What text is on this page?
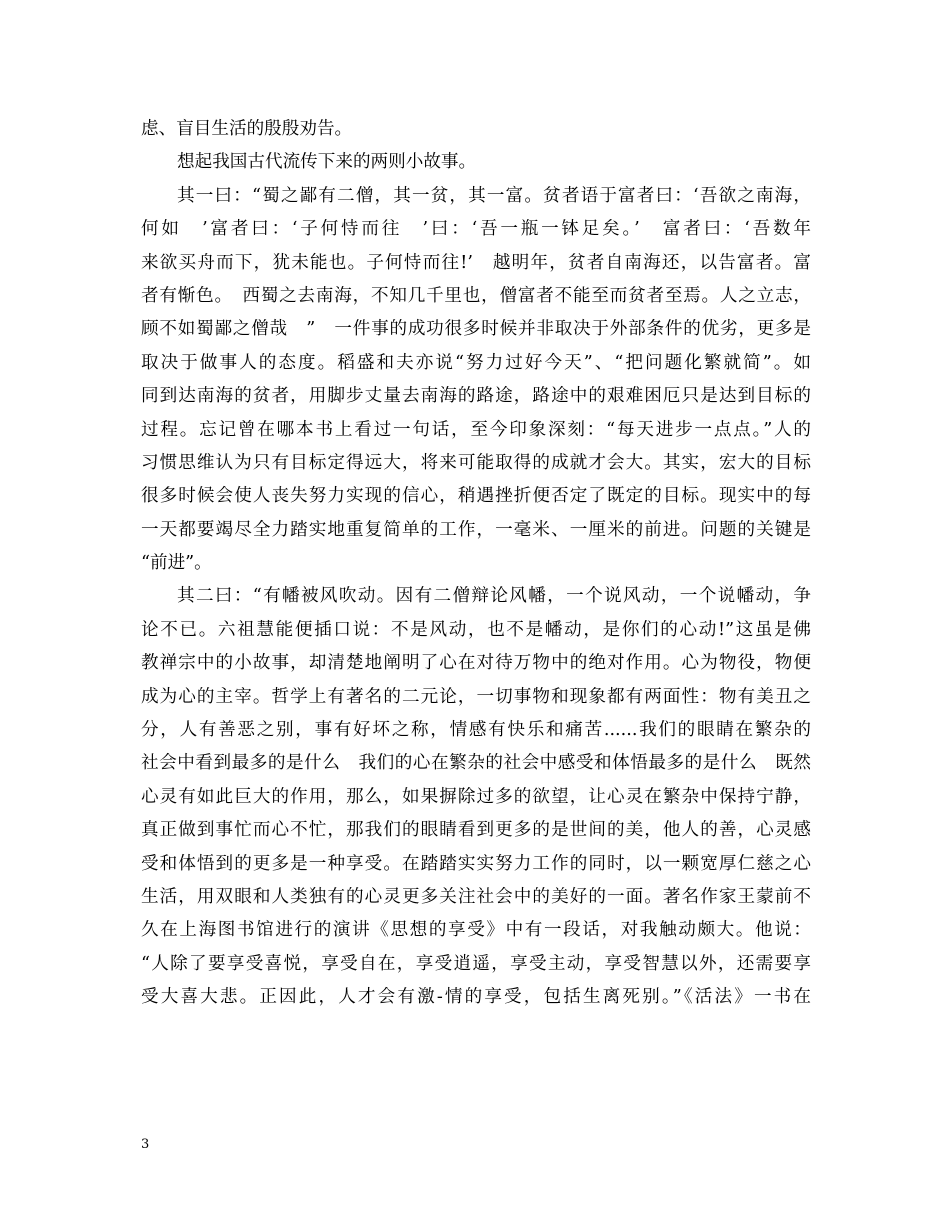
虑、盲目生活的殷殷劝告。
想起我国古代流传下来的两则小故事。
其一曰：“蜀之鄙有二僧，其一贫，其一富。贫者语于富者曰：‘吾欲之南海，
何如　’富者曰：‘子何恃而往　’曰：‘吾一瓶一钵足矣。’　富者曰：‘吾数年
来欲买舟而下，犹未能也。子何恃而往!’　越明年，贫者自南海还，以告富者。富
者有惭色。　西蜀之去南海，不知几千里也，僧富者不能至而贫者至焉。人之立志，
顾不如蜀鄙之僧哉　”　一件事的成功很多时候并非取决于外部条件的优劣，更多是
取决于做事人的态度。稻盛和夫亦说“努力过好今天”、“把问题化繁就简”。如
同到达南海的贫者，用脚步丈量去南海的路途，路途中的艰难困厄只是达到目标的
过程。忘记曾在哪本书上看过一句话，至今印象深刻：“每天进步一点点。”人的
习惯思维认为只有目标定得远大，将来可能取得的成就才会大。其实，宏大的目标
很多时候会使人丧失努力实现的信心，稍遇挫折便否定了既定的目标。现实中的每
一天都要竭尽全力踏实地重复简单的工作，一毫米、一厘米的前进。问题的关键是
“前进”。
其二曰：“有幡被风吹动。因有二僧辩论风幡，一个说风动，一个说幡动，争
论不已。六祖慧能便插口说：不是风动，也不是幡动，是你们的心动!”这虽是佛
教禅宗中的小故事，却清楚地阐明了心在对待万物中的绝对作用。心为物役，物便
成为心的主宰。哲学上有著名的二元论，一切事物和现象都有两面性：物有美丑之
分，人有善恶之别，事有好坏之称，情感有快乐和痛苦......我们的眼睛在繁杂的
社会中看到最多的是什么　我们的心在繁杂的社会中感受和体悟最多的是什么　既然
心灵有如此巨大的作用，那么，如果摒除过多的欲望，让心灵在繁杂中保持宁静，
真正做到事忙而心不忙，那我们的眼睛看到更多的是世间的美，他人的善，心灵感
受和体悟到的更多是一种享受。在踏踏实实努力工作的同时，以一颗宽厚仁慈之心
生活，用双眼和人类独有的心灵更多关注社会中的美好的一面。著名作家王蒙前不
久在上海图书馆进行的演讲《思想的享受》中有一段话，对我触动颇大。他说：
“人除了要享受喜悦，享受自在，享受逍遥，享受主动，享受智慧以外，还需要享
受大喜大悲。正因此，人才会有激-情的享受，包括生离死别。”《活法》一书在
3
